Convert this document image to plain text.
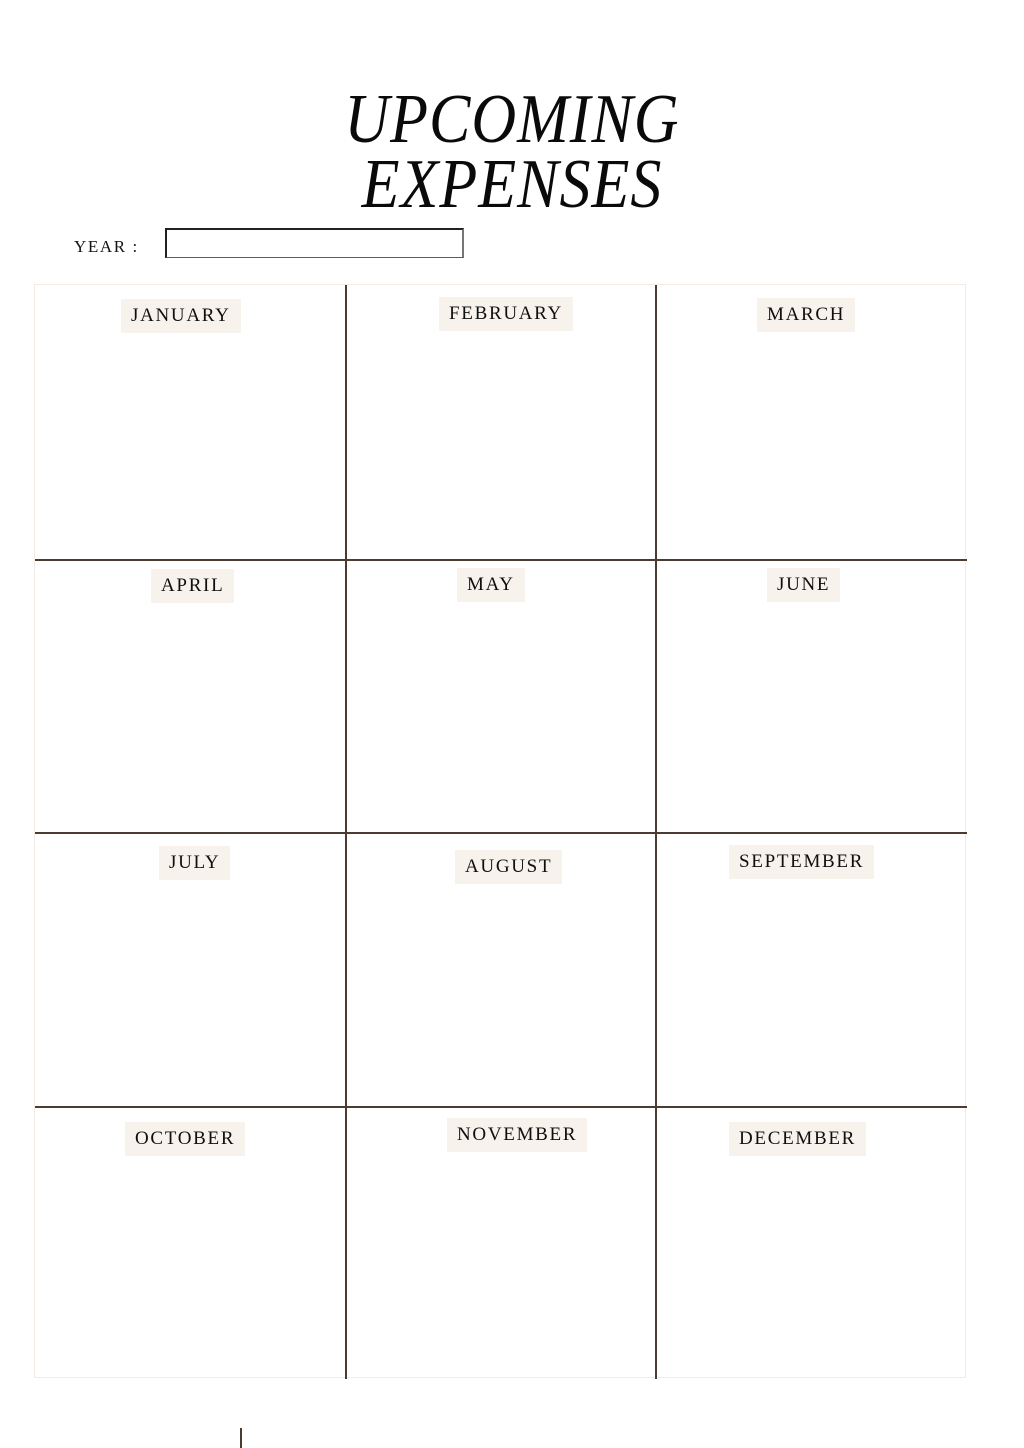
UPCOMING
EXPENSES
YEAR :
JANUARY	FEBRUARY	MARCH
APRIL	MAY	JUNE
JULY	AUGUST	SEPTEMBER
OCTOBER	NOVEMBER	DECEMBER
